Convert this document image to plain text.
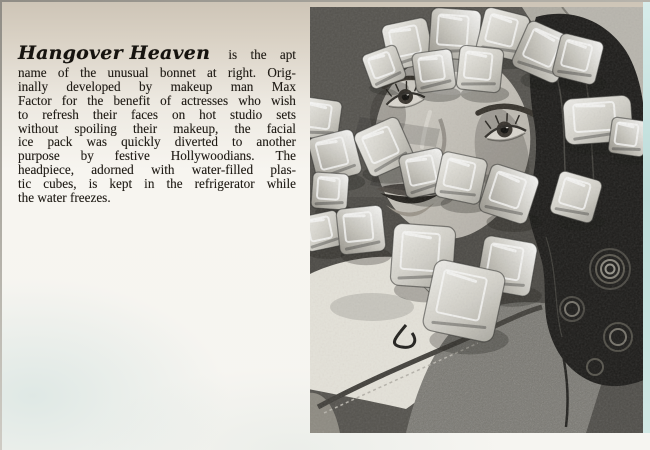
Hangover Heaven	is the apt
name of the unusual bonnet at right. Orig-
inally developed by makeup man Max
Factor for the benefit of actresses who wish
to refresh their faces on hot studio sets
without spoiling their makeup, the facial
ice pack was quickly diverted to another
purpose by festive Hollywoodians. The
headpiece, adorned with water-filled plas-
tic cubes, is kept in the refrigerator while
the water freezes.
